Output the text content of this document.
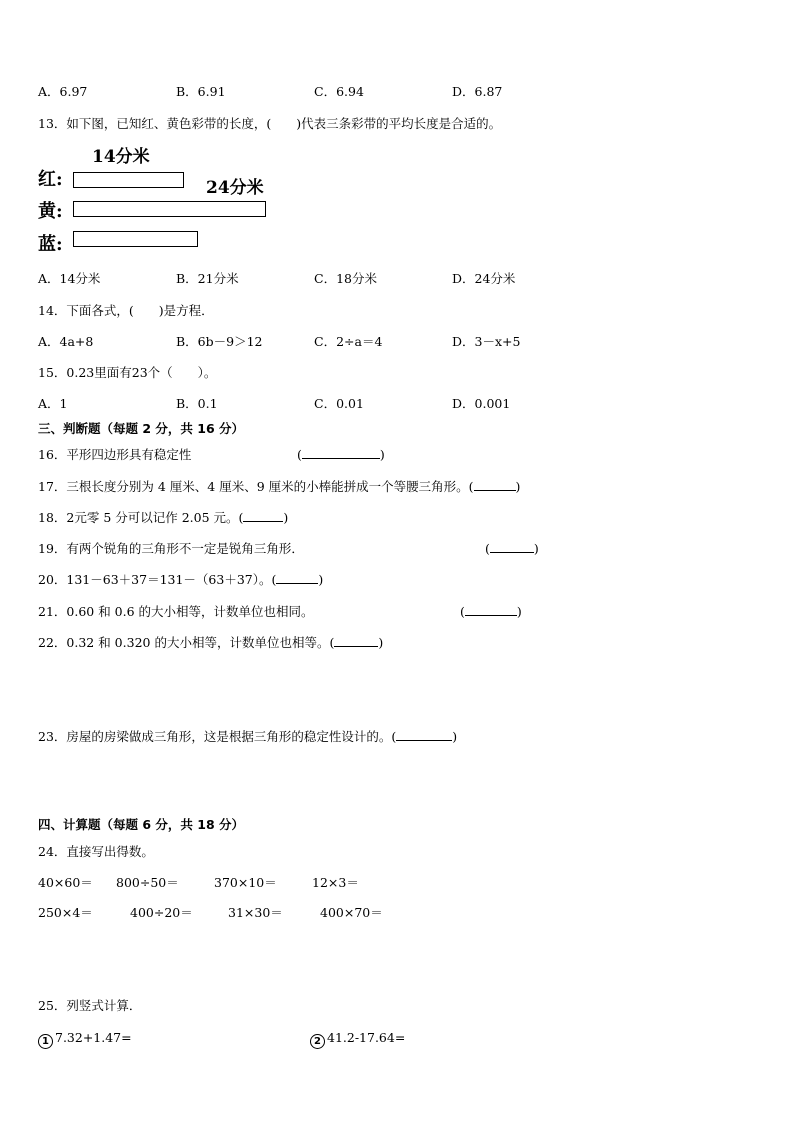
A．6.97	B．6.91	C．6.94	D．6.87
13．如下图，已知红、黄色彩带的长度，(　　)代表三条彩带的平均长度是合适的。
14分米
红:	24分米
黄:
蓝:
A．14分米	B．21分米	C．18分米	D．24分米
14．下面各式，(　　)是方程．
A．4a+8	B．6b－9＞12	C．2÷a＝4	D．3－x+5
15．0.23里面有23个（　　）。
A．1	B．0.1	C．0.01	D．0.001
三、判断题（每题 2 分，共 16 分）
16．平形四边形具有稳定性	(	)
17．三根长度分别为 4 厘米、4 厘米、9 厘米的小棒能拼成一个等腰三角形。(	)
18．2元零 5 分可以记作 2.05 元。(	)
19．有两个锐角的三角形不一定是锐角三角形．	(	)
20．131－63＋37＝131－（63＋37）。(	)
21．0.60 和 0.6 的大小相等，计数单位也相同。	(	)
22．0.32 和 0.320 的大小相等，计数单位也相等。(	)
23．房屋的房梁做成三角形，这是根据三角形的稳定性设计的。(	)
四、计算题（每题 6 分，共 18 分）
24．直接写出得数。
40×60＝ 800÷50＝	370×10＝	12×3＝
250×4＝	400÷20＝	31×30＝	400×70＝
25．列竖式计算．
1 7.32+1.47=	2 41.2-17.64=
